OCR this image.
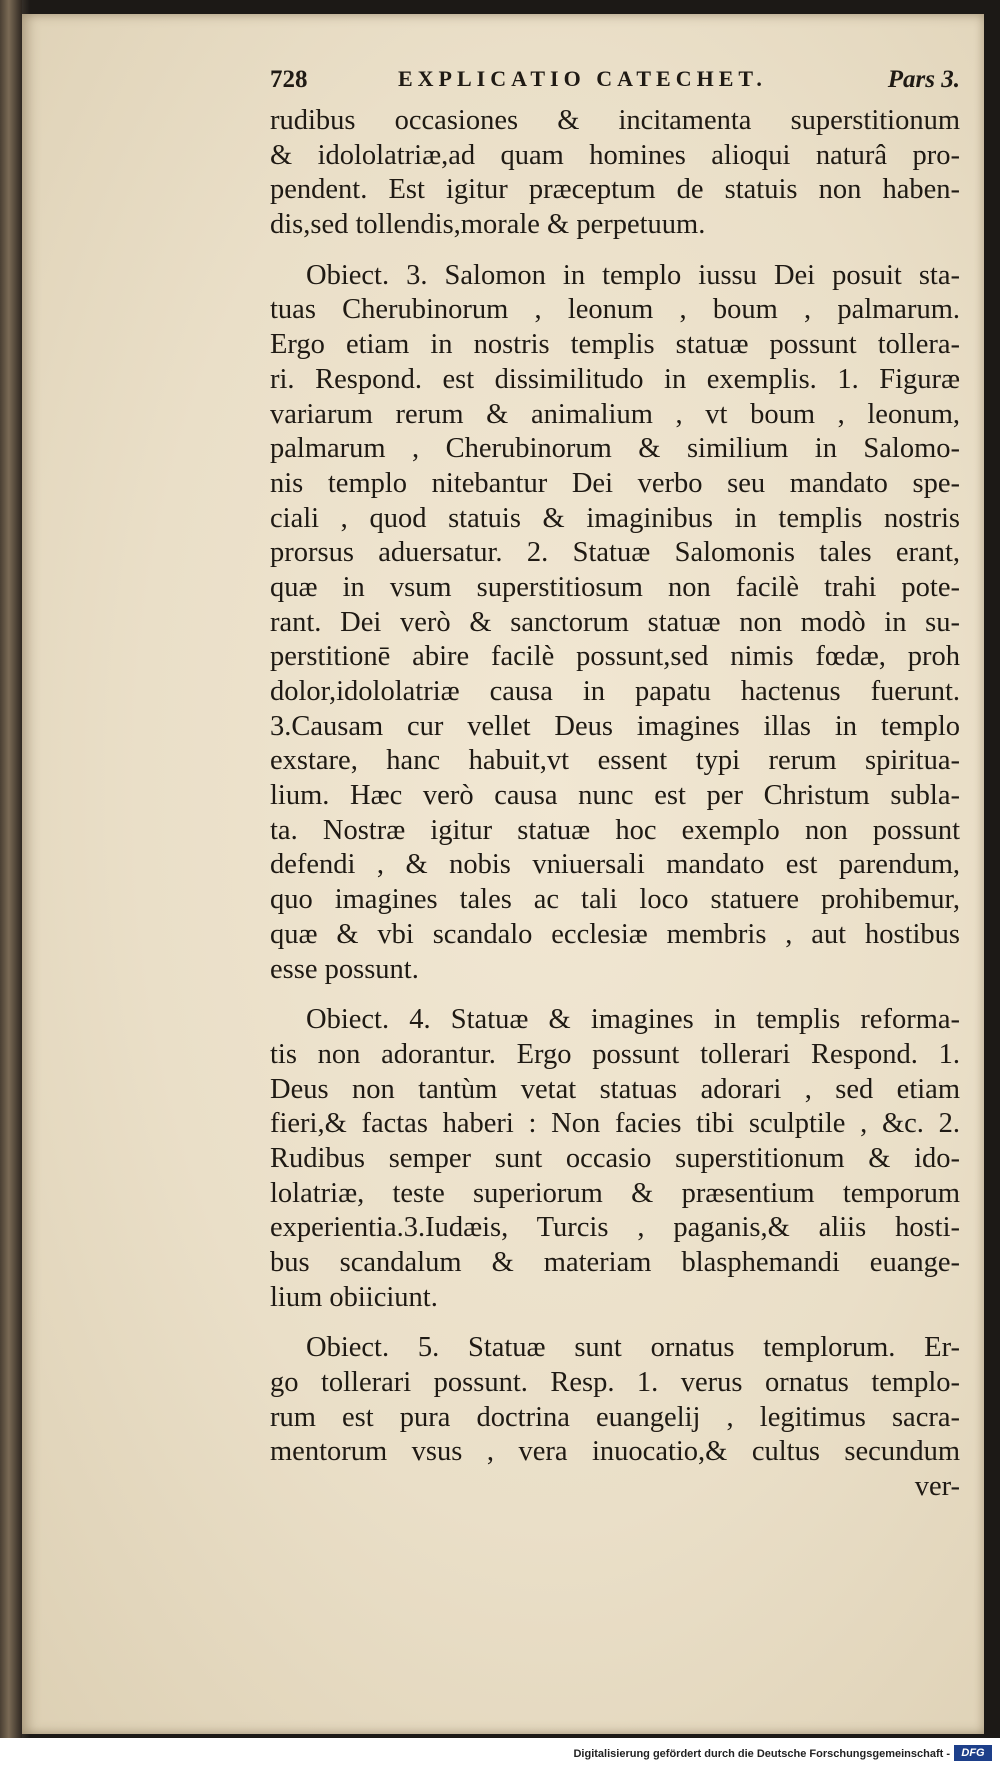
728	EXPLICATIO CATECHET.	Pars 3.
rudibus occasiones & incitamenta superstitionum
& idololatriæ,ad quam homines alioqui naturâ pro-
pendent. Est igitur præceptum de statuis non haben-
dis,sed tollendis,morale & perpetuum.
Obiect. 3. Salomon in templo iussu Dei posuit sta-
tuas Cherubinorum , leonum , boum , palmarum.
Ergo etiam in nostris templis statuæ possunt tollera-
ri. Respond. est dissimilitudo in exemplis. 1. Figuræ
variarum rerum & animalium , vt boum , leonum,
palmarum , Cherubinorum & similium in Salomo-
nis templo nitebantur Dei verbo seu mandato spe-
ciali , quod statuis & imaginibus in templis nostris
prorsus aduersatur. 2. Statuæ Salomonis tales erant,
quæ in vsum superstitiosum non facilè trahi pote-
rant. Dei verò & sanctorum statuæ non modò in su-
perstitionē abire facilè possunt,sed nimis fœdæ, proh
dolor,idololatriæ causa in papatu hactenus fuerunt.
3.Causam cur vellet Deus imagines illas in templo
exstare, hanc habuit,vt essent typi rerum spiritua-
lium. Hæc verò causa nunc est per Christum subla-
ta. Nostræ igitur statuæ hoc exemplo non possunt
defendi , & nobis vniuersali mandato est parendum,
quo imagines tales ac tali loco statuere prohibemur,
quæ & vbi scandalo ecclesiæ membris , aut hostibus
esse possunt.
Obiect. 4. Statuæ & imagines in templis reforma-
tis non adorantur. Ergo possunt tollerari Respond. 1.
Deus non tantùm vetat statuas adorari , sed etiam
fieri,& factas haberi : Non facies tibi sculptile , &c. 2.
Rudibus semper sunt occasio superstitionum & ido-
lolatriæ, teste superiorum & præsentium temporum
experientia.3.Iudæis, Turcis , paganis,& aliis hosti-
bus scandalum & materiam blasphemandi euange-
lium obiiciunt.
Obiect. 5. Statuæ sunt ornatus templorum. Er-
go tollerari possunt. Resp. 1. verus ornatus templo-
rum est pura doctrina euangelij , legitimus sacra-
mentorum vsus , vera inuocatio,& cultus secundum
ver-
Digitalisierung gefördert durch die Deutsche Forschungsgemeinschaft -	DFG
